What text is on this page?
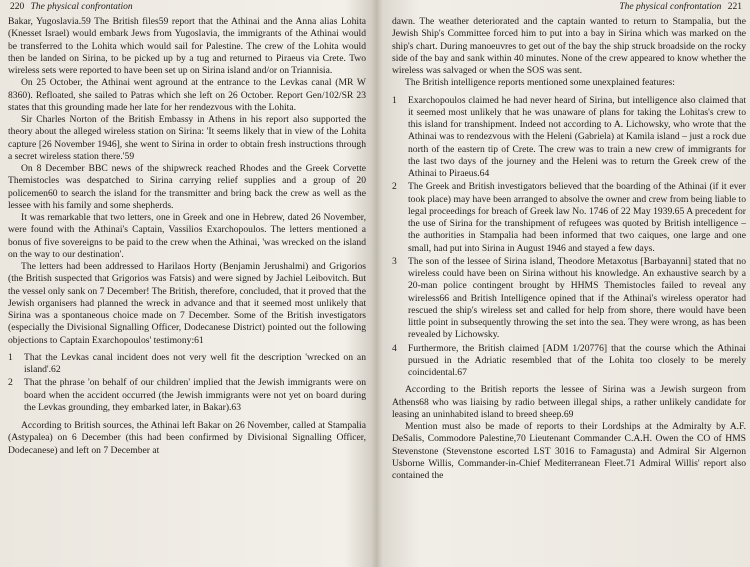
220 The physical confrontation

Bakar, Yugoslavia.59 The British files59 report that the Athinai and the Anna alias Lohita (Knesset Israel) would embark Jews from Yugoslavia, the immigrants of the Athinai would be transferred to the Lohita which would sail for Palestine. The crew of the Lohita would then be landed on Sirina, to be picked up by a tug and returned to Piraeus via Crete. Two wireless sets were reported to have been set up on Sirina island and/or on Triannisia.

On 25 October, the Athinai went aground at the entrance to the Levkas canal (MR W 8360). Refloated, she sailed to Patras which she left on 26 October. Report Gen/102/SR 23 states that this grounding made her late for her rendezvous with the Lohita.

Sir Charles Norton of the British Embassy in Athens in his report also supported the theory about the alleged wireless station on Sirina: 'It seems likely that in view of the Lohita capture [26 November 1946], she went to Sirina in order to obtain fresh instructions through a secret wireless station there.'59

On 8 December BBC news of the shipwreck reached Rhodes and the Greek Corvette Themistocles was despatched to Sirina carrying relief supplies and a group of 20 policemen60 to search the island for the transmitter and bring back the crew as well as the lessee with his family and some shepherds.

It was remarkable that two letters, one in Greek and one in Hebrew, dated 26 November, were found with the Athinai's Captain, Vassilios Exarchopoulos. The letters mentioned a bonus of five sovereigns to be paid to the crew when the Athinai, 'was wrecked on the island on the way to our destination'.

The letters had been addressed to Harilaos Horty (Benjamin Jerushalmi) and Grigorios (the British suspected that Grigorios was Fatsis) and were signed by Jachiel Leibovitch. But the vessel only sank on 7 December! The British, therefore, concluded, that it proved that the Jewish organisers had planned the wreck in advance and that it seemed most unlikely that Sirina was a spontaneous choice made on 7 December. Some of the British investigators (especially the Divisional Signalling Officer, Dodecanese District) pointed out the following objections to Captain Exarchopoulos' testimony:61

1 That the Levkas canal incident does not very well fit the description 'wrecked on an island'.62
2 That the phrase 'on behalf of our children' implied that the Jewish immigrants were on board when the accident occurred (the Jewish immigrants were not yet on board during the Levkas grounding, they embarked later, in Bakar).63

According to British sources, the Athinai left Bakar on 26 November, called at Stampalia (Astypalea) on 6 December (this had been confirmed by Divisional Signalling Officer, Dodecanese) and left on 7 December at

The physical confrontation 221

dawn. The weather deteriorated and the captain wanted to return to Stampalia, but the Jewish Ship's Committee forced him to put into a bay in Sirina which was marked on the ship's chart. During manoeuvres to get out of the bay the ship struck broadside on the rocky side of the bay and sank within 40 minutes. None of the crew appeared to know whether the wireless was salvaged or when the SOS was sent.

The British intelligence reports mentioned some unexplained features:

1 Exarchopoulos claimed he had never heard of Sirina, but intelligence also claimed that it seemed most unlikely that he was unaware of plans for taking the Lohitas's crew to this island for transhipment. Indeed not according to A. Lichowsky, who wrote that the Athinai was to rendezvous with the Heleni (Gabriela) at Kamila island – just a rock due north of the eastern tip of Crete. The crew was to train a new crew of immigrants for the last two days of the journey and the Heleni was to return the Greek crew of the Athinai to Piraeus.64
2 The Greek and British investigators believed that the boarding of the Athinai (if it ever took place) may have been arranged to absolve the owner and crew from being liable to legal proceedings for breach of Greek law No. 1746 of 22 May 1939.65 A precedent for the use of Sirina for the transhipment of refugees was quoted by British intelligence – the authorities in Stampalia had been informed that two caiques, one large and one small, had put into Sirina in August 1946 and stayed a few days.
3 The son of the lessee of Sirina island, Theodore Metaxotus [Barbayanni] stated that no wireless could have been on Sirina without his knowledge. An exhaustive search by a 20-man police contingent brought by HHMS Themistocles failed to reveal any wireless66 and British Intelligence opined that if the Athinai's wireless operator had rescued the ship's wireless set and called for help from shore, there would have been little point in subsequently throwing the set into the sea. They were wrong, as has been revealed by Lichowsky.
4 Furthermore, the British claimed [ADM 1/20776] that the course which the Athinai pursued in the Adriatic resembled that of the Lohita too closely to be merely coincidental.67

According to the British reports the lessee of Sirina was a Jewish surgeon from Athens68 who was liaising by radio between illegal ships, a rather unlikely candidate for leasing an uninhabited island to breed sheep.69

Mention must also be made of reports to their Lordships at the Admiralty by A.F. DeSalis, Commodore Palestine,70 Lieutenant Commander C.A.H. Owen the CO of HMS Stevenstone (Stevenstone escorted LST 3016 to Famagusta) and Admiral Sir Algernon Usborne Willis, Commander-in-Chief Mediterranean Fleet.71 Admiral Willis' report also contained the
